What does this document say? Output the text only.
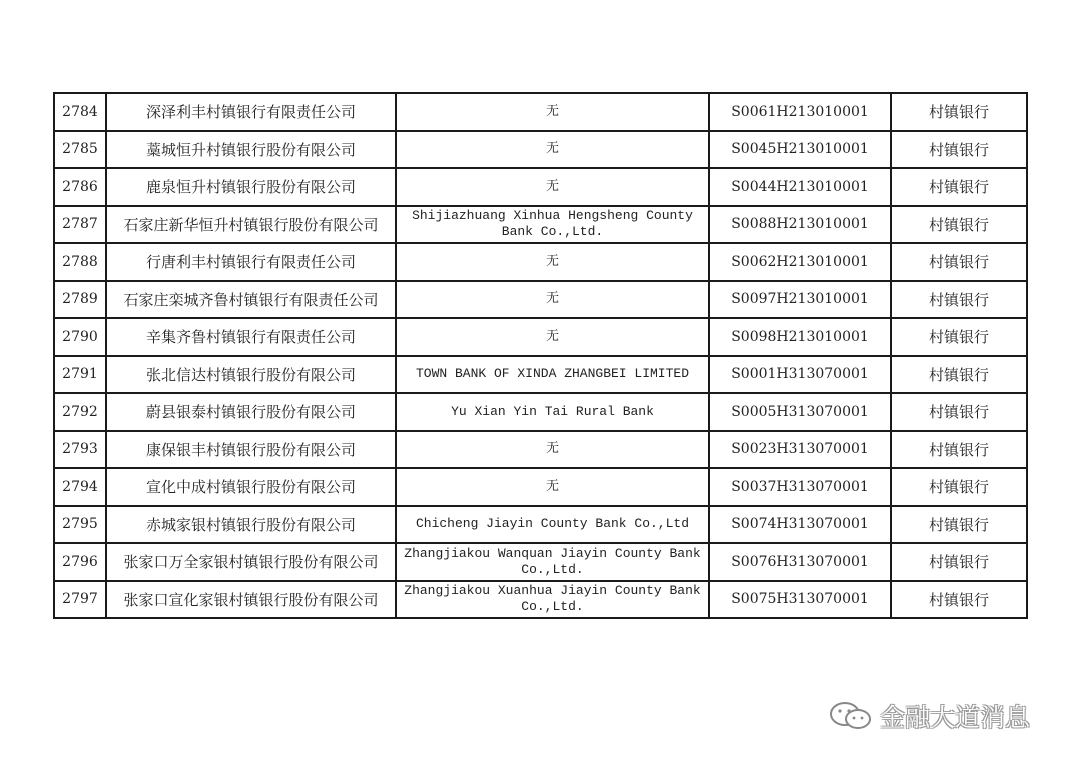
2784	深泽利丰村镇银行有限责任公司	无	S0061H213010001	村镇银行
2785	藁城恒升村镇银行股份有限公司	无	S0045H213010001	村镇银行
2786	鹿泉恒升村镇银行股份有限公司	无	S0044H213010001	村镇银行
2787	石家庄新华恒升村镇银行股份有限公司	Shijiazhuang Xinhua Hengsheng County Bank Co.,Ltd.	S0088H213010001	村镇银行
2788	行唐利丰村镇银行有限责任公司	无	S0062H213010001	村镇银行
2789	石家庄栾城齐鲁村镇银行有限责任公司	无	S0097H213010001	村镇银行
2790	辛集齐鲁村镇银行有限责任公司	无	S0098H213010001	村镇银行
2791	张北信达村镇银行股份有限公司	TOWN BANK OF XINDA ZHANGBEI LIMITED	S0001H313070001	村镇银行
2792	蔚县银泰村镇银行股份有限公司	Yu Xian Yin Tai Rural Bank	S0005H313070001	村镇银行
2793	康保银丰村镇银行股份有限公司	无	S0023H313070001	村镇银行
2794	宣化中成村镇银行股份有限公司	无	S0037H313070001	村镇银行
2795	赤城家银村镇银行股份有限公司	Chicheng Jiayin County Bank Co.,Ltd	S0074H313070001	村镇银行
2796	张家口万全家银村镇银行股份有限公司	Zhangjiakou Wanquan Jiayin County Bank Co.,Ltd.	S0076H313070001	村镇银行
2797	张家口宣化家银村镇银行股份有限公司	Zhangjiakou Xuanhua Jiayin County Bank Co.,Ltd.	S0075H313070001	村镇银行
金融大道消息
